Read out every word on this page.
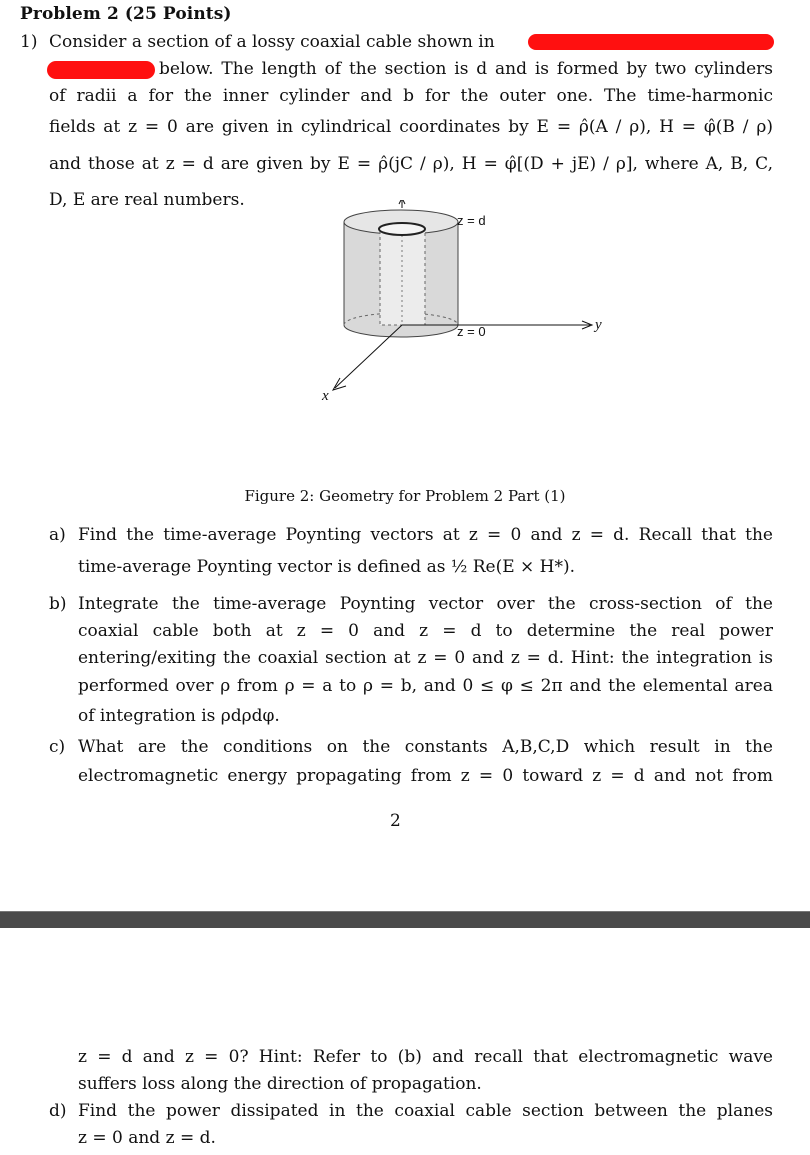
Problem 2 (25 Points)
1) Consider a section of a lossy coaxial cable shown in
below. The length of the section is d and is formed by two cylinders
of radii a for the inner cylinder and b for the outer one. The time-harmonic
fields at z = 0 are given in cylindrical coordinates by E = ρ̂(A / ρ), H = φ̂(B / ρ)
and those at z = d are given by E = ρ̂(jC / ρ), H = φ̂[(D + jE) / ρ], where A, B, C,
D, E are real numbers.
z = d
z = 0	y
x
Figure 2: Geometry for Problem 2 Part (1)
a) Find the time-average Poynting vectors at z = 0 and z = d. Recall that the
time-average Poynting vector is defined as ½ Re(E × H*).
b) Integrate the time-average Poynting vector over the cross-section of the
coaxial cable both at z = 0 and z = d to determine the real power
entering/exiting the coaxial section at z = 0 and z = d. Hint: the integration is
performed over ρ from ρ = a to ρ = b, and 0 ≤ φ ≤ 2π and the elemental area
of integration is ρdρdφ.
c) What are the conditions on the constants A,B,C,D which result in the
electromagnetic energy propagating from z = 0 toward z = d and not from
2
z = d and z = 0? Hint: Refer to (b) and recall that electromagnetic wave
suffers loss along the direction of propagation.
d) Find the power dissipated in the coaxial cable section between the planes
z = 0 and z = d.
